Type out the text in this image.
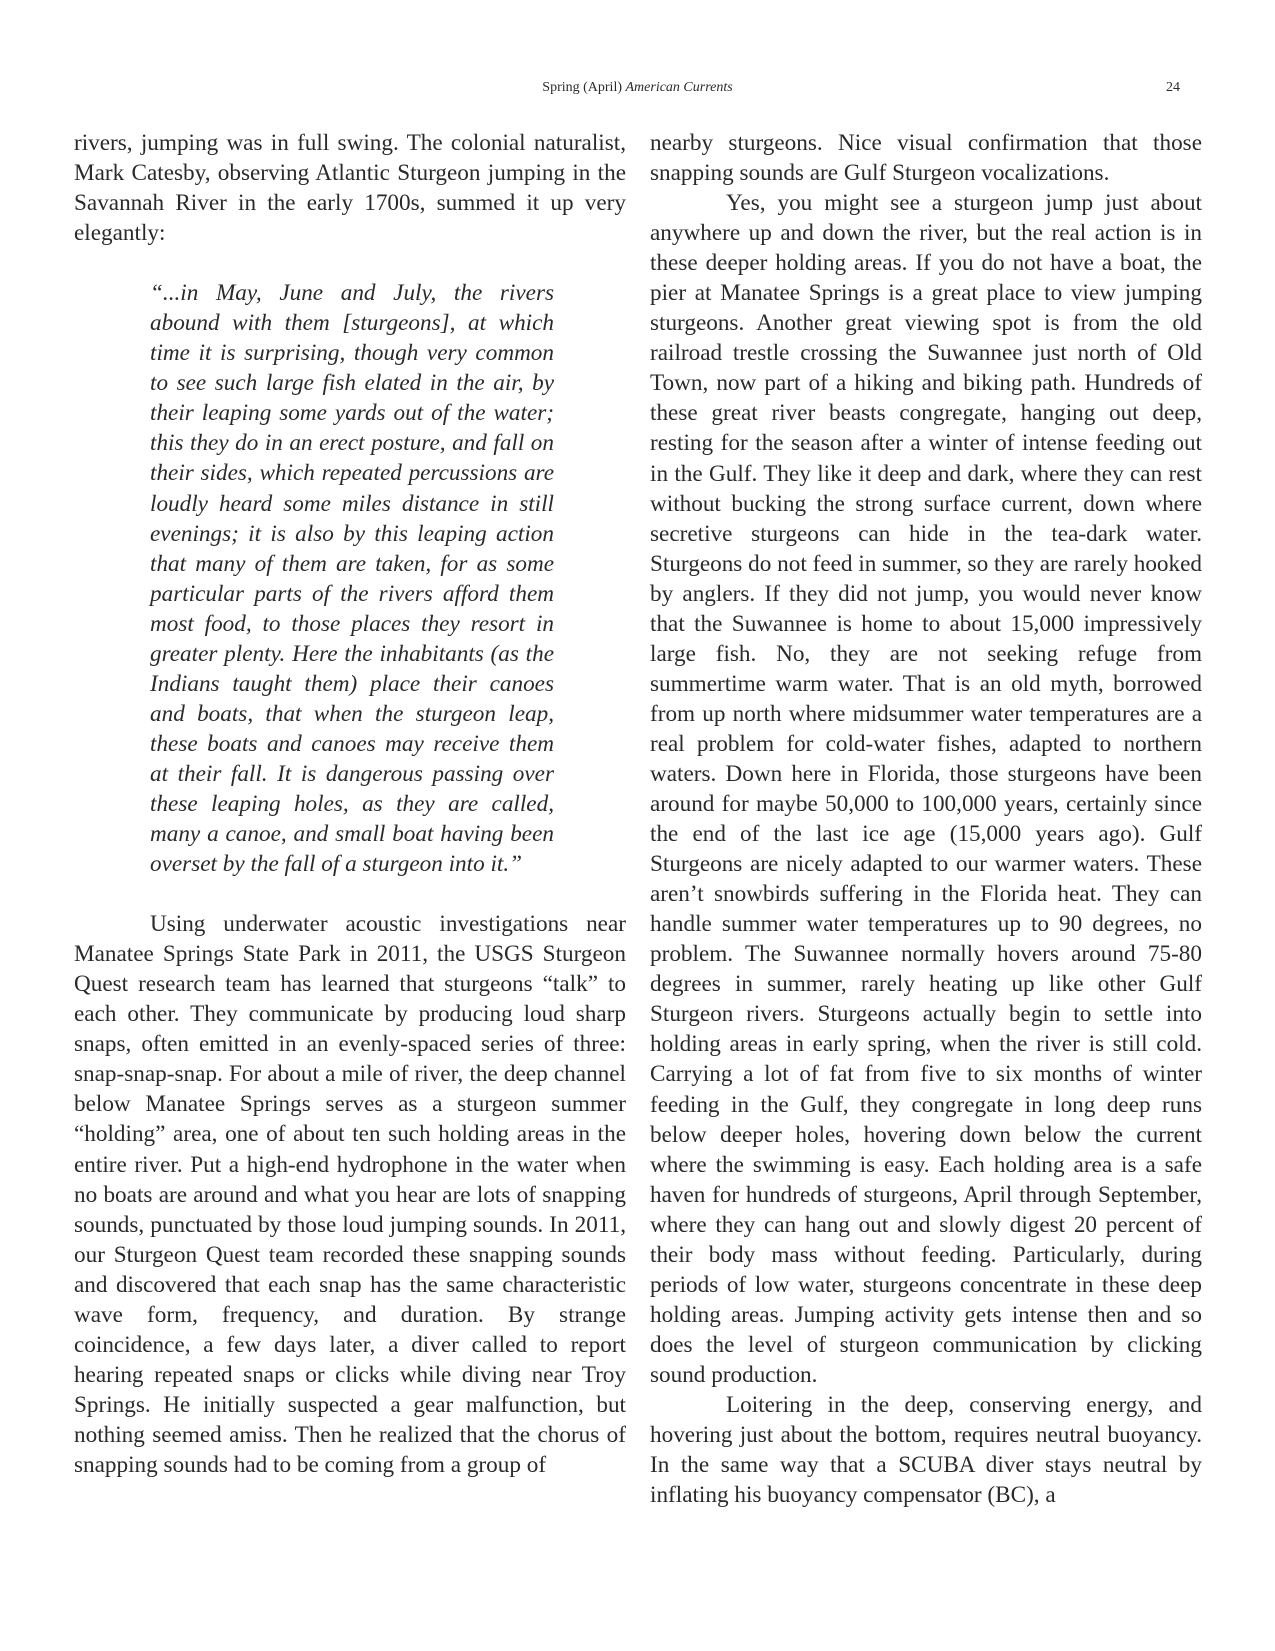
Spring (April) American Currents	24

rivers, jumping was in full swing. The colonial naturalist, Mark Catesby, observing Atlantic Sturgeon jumping in the Savannah River in the early 1700s, summed it up very elegantly:

“...in May, June and July, the rivers abound with them [sturgeons], at which time it is surprising, though very common to see such large fish elated in the air, by their leaping some yards out of the water; this they do in an erect posture, and fall on their sides, which repeated percussions are loudly heard some miles distance in still evenings; it is also by this leaping action that many of them are taken, for as some particular parts of the rivers afford them most food, to those places they resort in greater plenty. Here the inhabitants (as the Indians taught them) place their canoes and boats, that when the sturgeon leap, these boats and canoes may receive them at their fall. It is dangerous passing over these leaping holes, as they are called, many a canoe, and small boat having been overset by the fall of a sturgeon into it.”

Using underwater acoustic investigations near Manatee Springs State Park in 2011, the USGS Sturgeon Quest research team has learned that sturgeons “talk” to each other. They communicate by producing loud sharp snaps, often emitted in an evenly-spaced series of three: snap-snap-snap. For about a mile of river, the deep channel below Manatee Springs serves as a sturgeon summer “holding” area, one of about ten such holding areas in the entire river. Put a high-end hydrophone in the water when no boats are around and what you hear are lots of snapping sounds, punctuated by those loud jumping sounds. In 2011, our Sturgeon Quest team recorded these snapping sounds and discovered that each snap has the same characteristic wave form, frequency, and duration. By strange coincidence, a few days later, a diver called to report hearing repeated snaps or clicks while diving near Troy Springs. He initially suspected a gear malfunction, but nothing seemed amiss. Then he realized that the chorus of snapping sounds had to be coming from a group of

nearby sturgeons. Nice visual confirmation that those snapping sounds are Gulf Sturgeon vocalizations.

Yes, you might see a sturgeon jump just about anywhere up and down the river, but the real action is in these deeper holding areas. If you do not have a boat, the pier at Manatee Springs is a great place to view jumping sturgeons. Another great viewing spot is from the old railroad trestle crossing the Suwannee just north of Old Town, now part of a hiking and biking path. Hundreds of these great river beasts congregate, hanging out deep, resting for the season after a winter of intense feeding out in the Gulf. They like it deep and dark, where they can rest without bucking the strong surface current, down where secretive sturgeons can hide in the tea-dark water. Sturgeons do not feed in summer, so they are rarely hooked by anglers. If they did not jump, you would never know that the Suwannee is home to about 15,000 impressively large fish. No, they are not seeking refuge from summertime warm water. That is an old myth, borrowed from up north where midsummer water temperatures are a real problem for cold-water fishes, adapted to northern waters. Down here in Florida, those sturgeons have been around for maybe 50,000 to 100,000 years, certainly since the end of the last ice age (15,000 years ago). Gulf Sturgeons are nicely adapted to our warmer waters. These aren’t snowbirds suffering in the Florida heat. They can handle summer water temperatures up to 90 degrees, no problem. The Suwannee normally hovers around 75-80 degrees in summer, rarely heating up like other Gulf Sturgeon rivers. Sturgeons actually begin to settle into holding areas in early spring, when the river is still cold. Carrying a lot of fat from five to six months of winter feeding in the Gulf, they congregate in long deep runs below deeper holes, hovering down below the current where the swimming is easy. Each holding area is a safe haven for hundreds of sturgeons, April through September, where they can hang out and slowly digest 20 percent of their body mass without feeding. Particularly, during periods of low water, sturgeons concentrate in these deep holding areas. Jumping activity gets intense then and so does the level of sturgeon communication by clicking sound production.

Loitering in the deep, conserving energy, and hovering just about the bottom, requires neutral buoyancy. In the same way that a SCUBA diver stays neutral by inflating his buoyancy compensator (BC), a
